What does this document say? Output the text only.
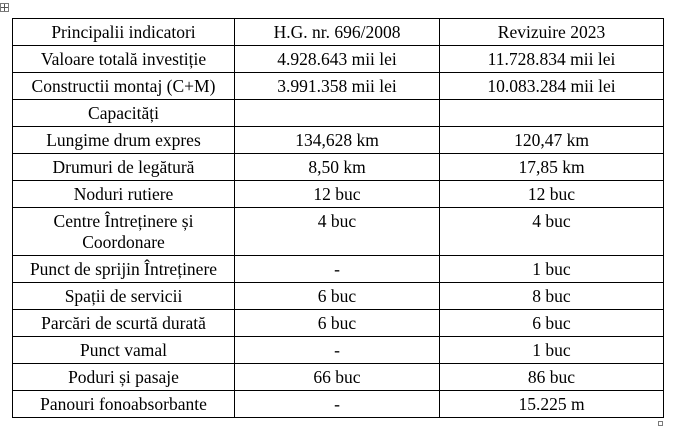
Principalii indicatori	H.G. nr. 696/2008	Revizuire 2023
Valoare totală investiție	4.928.643 mii lei	11.728.834 mii lei
Constructii montaj (C+M)	3.991.358 mii lei	10.083.284 mii lei
Capacități		
Lungime drum expres	134,628 km	120,47 km
Drumuri de legătură	8,50 km	17,85 km
Noduri rutiere	12 buc	12 buc
Centre Întreținere și Coordonare	4 buc	4 buc
Punct de sprijin Întreținere	-	1 buc
Spații de servicii	6 buc	8 buc
Parcări de scurtă durată	6 buc	6 buc
Punct vamal	-	1 buc
Poduri și pasaje	66 buc	86 buc
Panouri fonoabsorbante	-	15.225 m
